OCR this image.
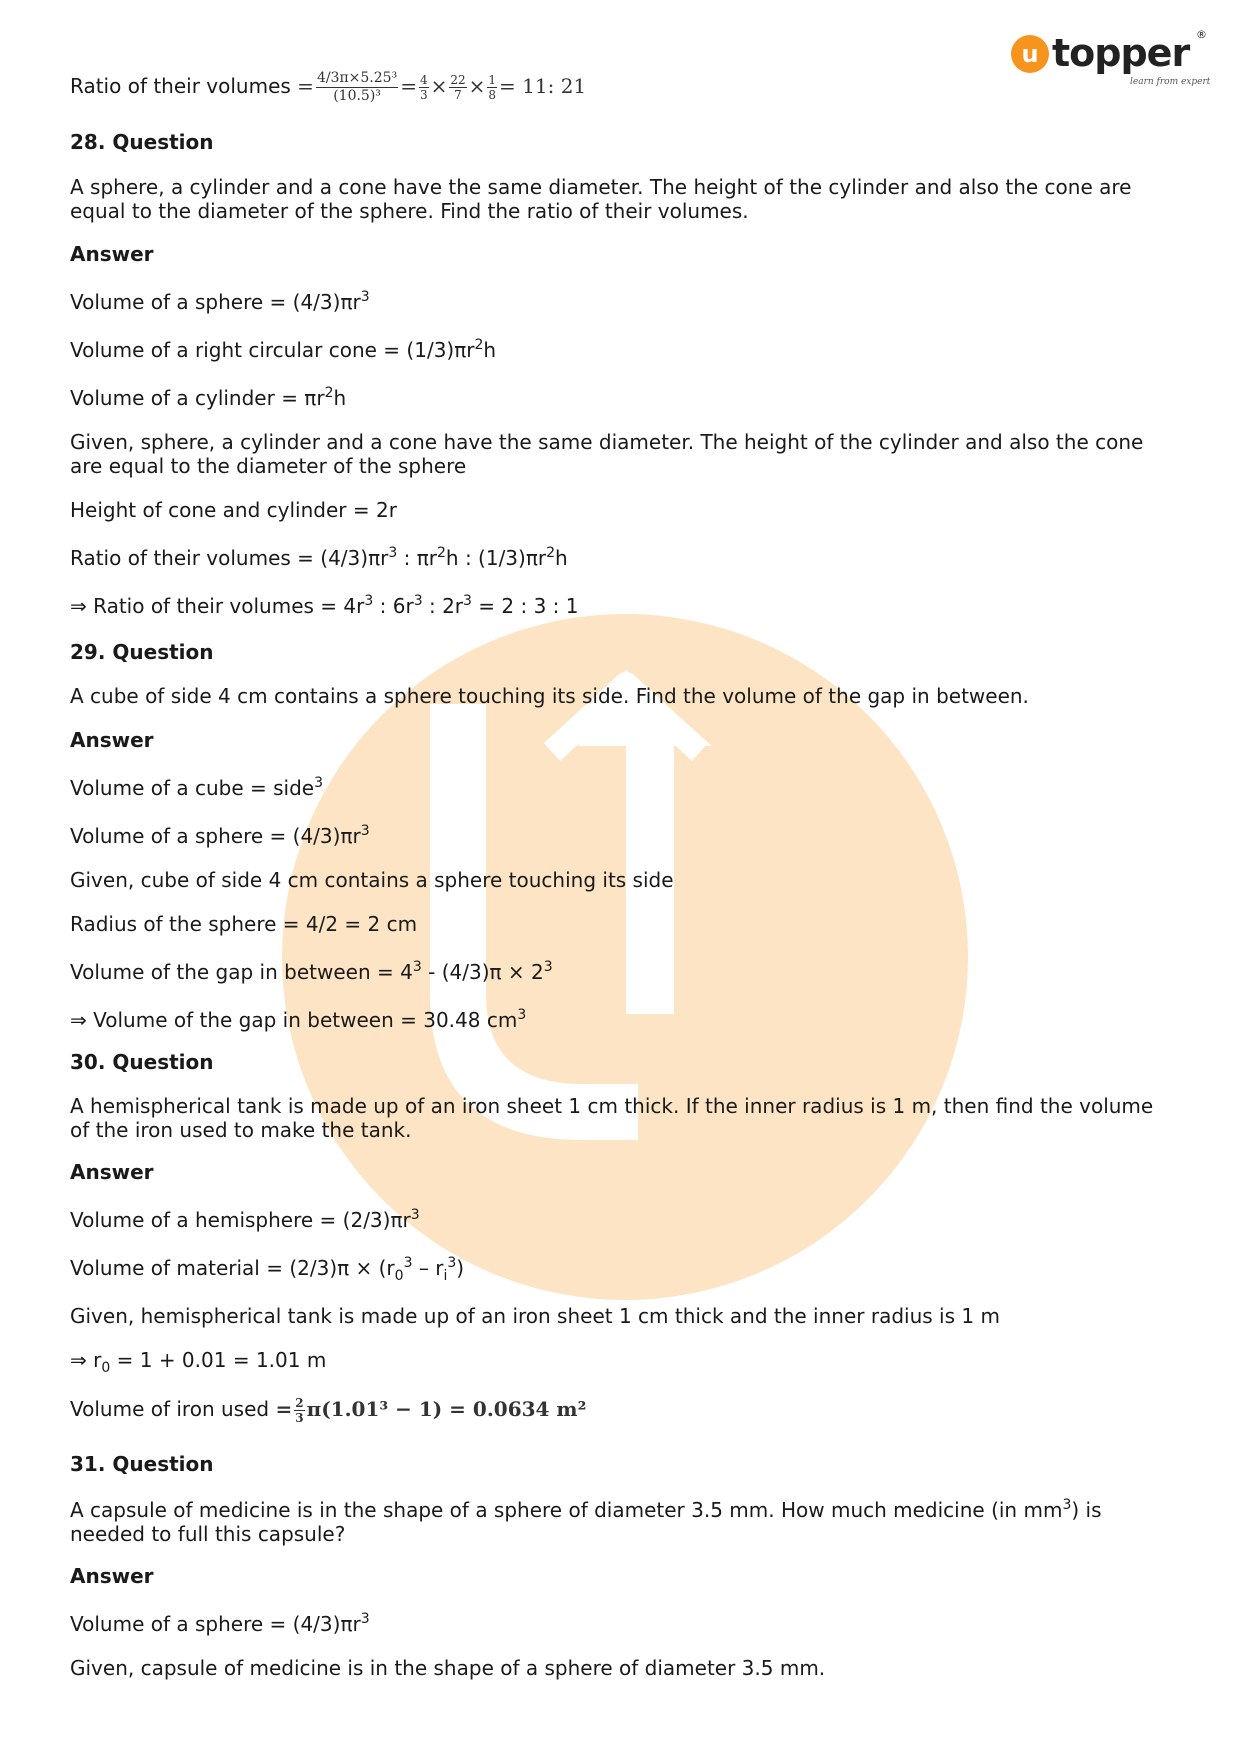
u topper ®
learn from experts
Ratio of their volumes = $\frac{\text{4/3π×5.25³}}{\text{(10.5)³}} = \frac{4}{3} \times \frac{22}{7} \times \frac{1}{8} = 11$: 21
28. Question
A sphere, a cylinder and a cone have the same diameter. The height of the cylinder and also the cone are equal to the diameter of the sphere. Find the ratio of their volumes.
Answer
Volume of a sphere = $(4/3)\pi r^3$
Volume of a right circular cone = $(1/3)\pi r^2h$
Volume of a cylinder = $\pi r^2h$
Given, sphere, a cylinder and a cone have the same diameter. The height of the cylinder and also the cone are equal to the diameter of the sphere
Height of cone and cylinder = 2r
Ratio of their volumes = $(4/3)\pi r^3$ : $\pi r^2h$ : $(1/3)\pi r^2h$
⇒ Ratio of their volumes = $4r^3$ : $6r^3$ : $2r^3 = 2$ : 3 : 1
29. Question
A cube of side 4 cm contains a sphere touching its side. Find the volume of the gap in between.
Answer
Volume of a cube = side$^3$
Volume of a sphere = $(4/3)\pi r^3$
Given, cube of side 4 cm contains a sphere touching its side
Radius of the sphere = 4/2 = 2 cm
Volume of the gap in between = $4^3 - (4/3)\pi \times 2^3$
⇒ Volume of the gap in between = 30.48 $cm^3$
30. Question
A hemispherical tank is made up of an iron sheet 1 cm thick. If the inner radius is 1 m, then find the volume of the iron used to make the tank.
Answer
Volume of a hemisphere = $(2/3)\pi r^3$
Volume of material = $(2/3)\pi \times (r_0^3 - r_i^3)$
Given, hemispherical tank is made up of an iron sheet 1 cm thick and the inner radius is 1 m
⇒ $r_0 = 1 + 0.01 = 1.01$ m
Volume of iron used = $\frac{2}{3} \pi(1.01^3 - 1) = 0.0634$ m²
31. Question
A capsule of medicine is in the shape of a sphere of diameter 3.5 mm. How much medicine (in $mm^3$) is needed to full this capsule?
Answer
Volume of a sphere = $(4/3)\pi r^3$
Given, capsule of medicine is in the shape of a sphere of diameter 3.5 mm.
